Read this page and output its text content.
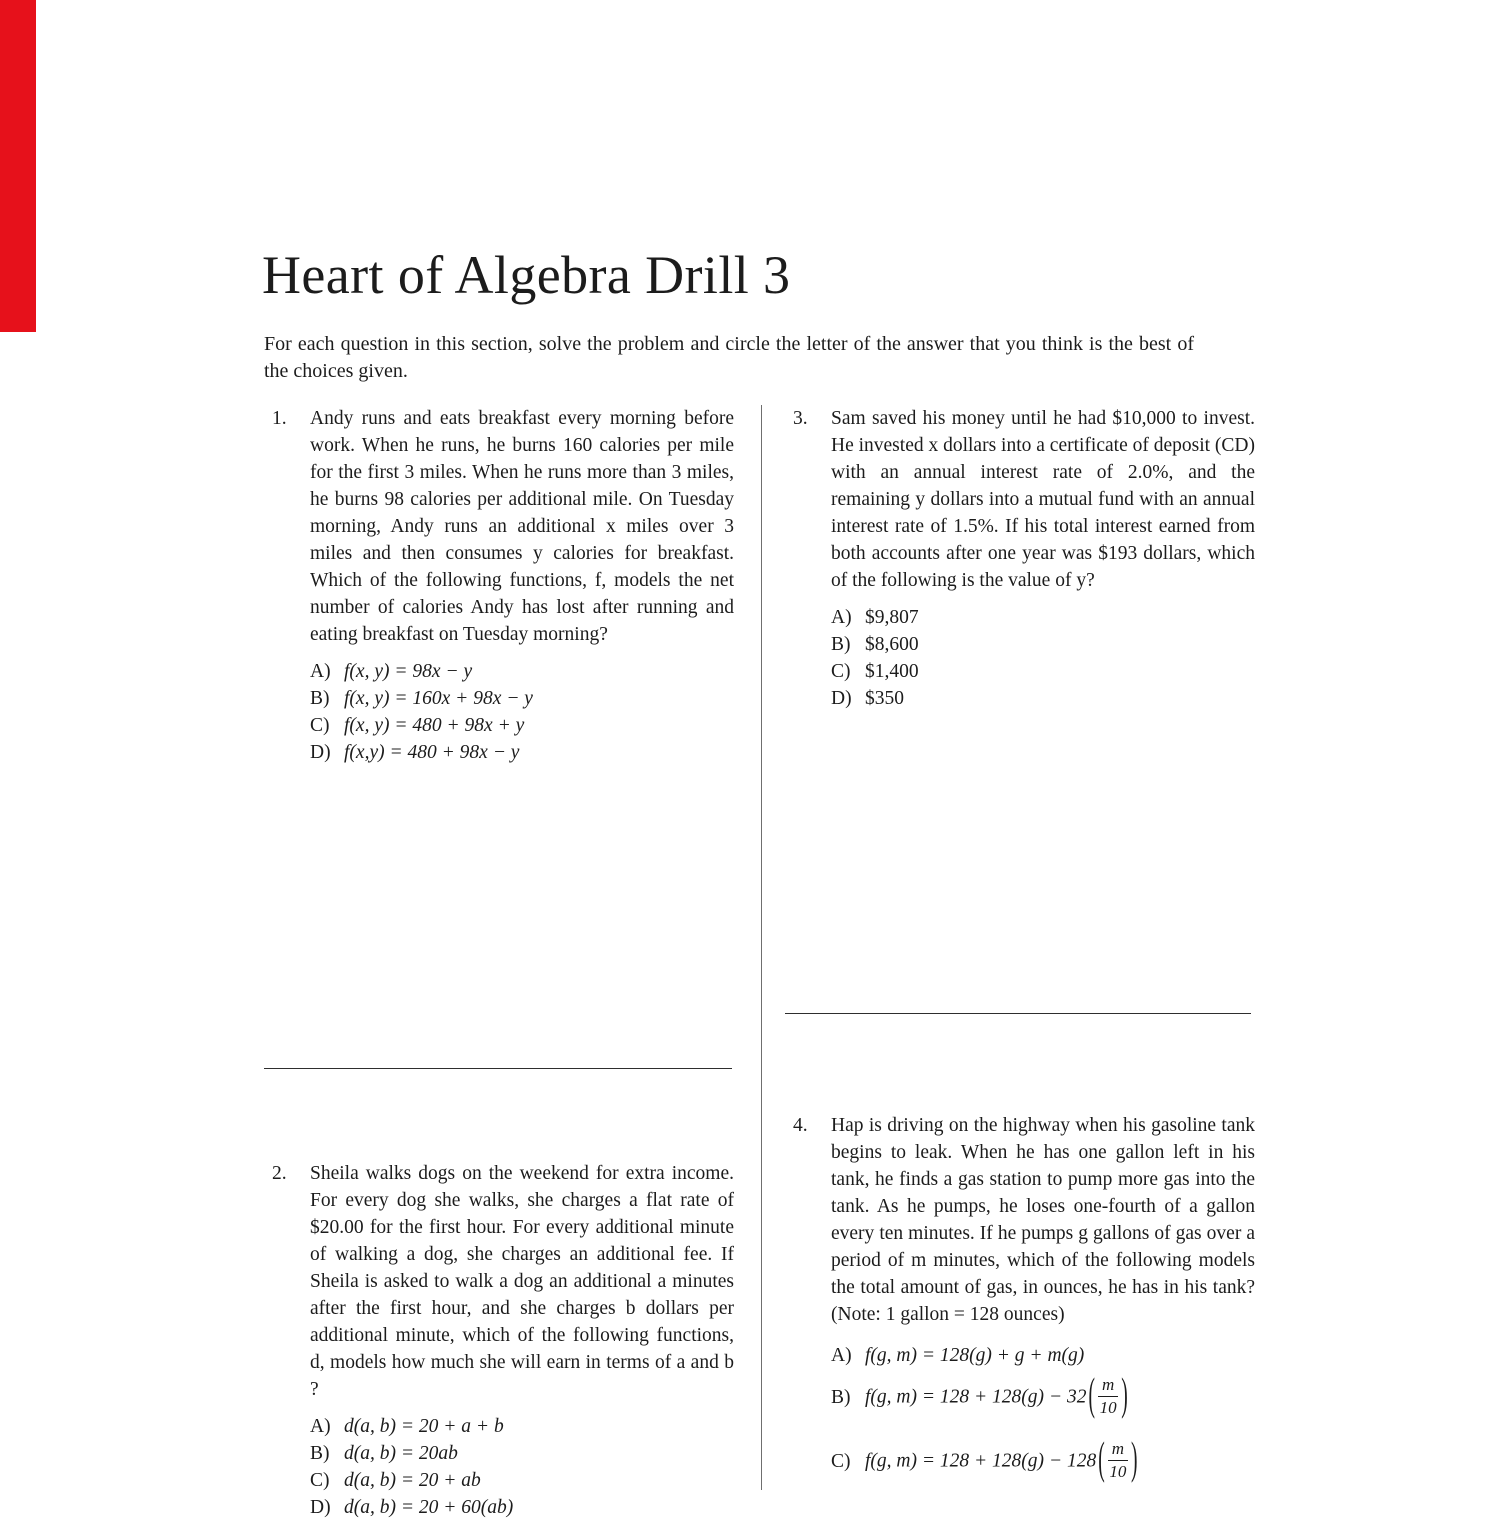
Heart of Algebra Drill 3

For each question in this section, solve the problem and circle the letter of the answer that you think is the best of the choices given.

1.	Andy runs and eats breakfast every morning before work. When he runs, he burns 160 calories per mile for the first 3 miles. When he runs more than 3 miles, he burns 98 calories per additional mile. On Tuesday morning, Andy runs an additional x miles over 3 miles and then consumes y calories for breakfast. Which of the following functions, f, models the net number of calories Andy has lost after running and eating breakfast on Tuesday morning?

A) f(x, y) = 98x − y
B) f(x, y) = 160x + 98x − y
C) f(x, y) = 480 + 98x + y
D) f(x,y) = 480 + 98x − y
2.	Sheila walks dogs on the weekend for extra income. For every dog she walks, she charges a flat rate of $20.00 for the first hour. For every additional minute of walking a dog, she charges an additional fee. If Sheila is asked to walk a dog an additional a minutes after the first hour, and she charges b dollars per additional minute, which of the following functions, d, models how much she will earn in terms of a and b ?

A) d(a, b) = 20 + a + b
B) d(a, b) = 20ab
C) d(a, b) = 20 + ab
D) d(a, b) = 20 + 60(ab)
3.	Sam saved his money until he had $10,000 to invest. He invested x dollars into a certificate of deposit (CD) with an annual interest rate of 2.0%, and the remaining y dollars into a mutual fund with an annual interest rate of 1.5%. If his total interest earned from both accounts after one year was $193 dollars, which of the following is the value of y?

A) $9,807
B) $8,600
C) $1,400
D) $350
4.	Hap is driving on the highway when his gasoline tank begins to leak. When he has one gallon left in his tank, he finds a gas station to pump more gas into the tank. As he pumps, he loses one-fourth of a gallon every ten minutes. If he pumps g gallons of gas over a period of m minutes, which of the following models the total amount of gas, in ounces, he has in his tank? (Note: 1 gallon = 128 ounces)

A) f(g, m) = 128(g) + g + m(g)
B) f(g, m) = 128 + 128(g) − 32 ( $\frac{m}{10}$ )
C) f(g, m) = 128 + 128(g) − 128 ( $\frac{m}{10}$ )
